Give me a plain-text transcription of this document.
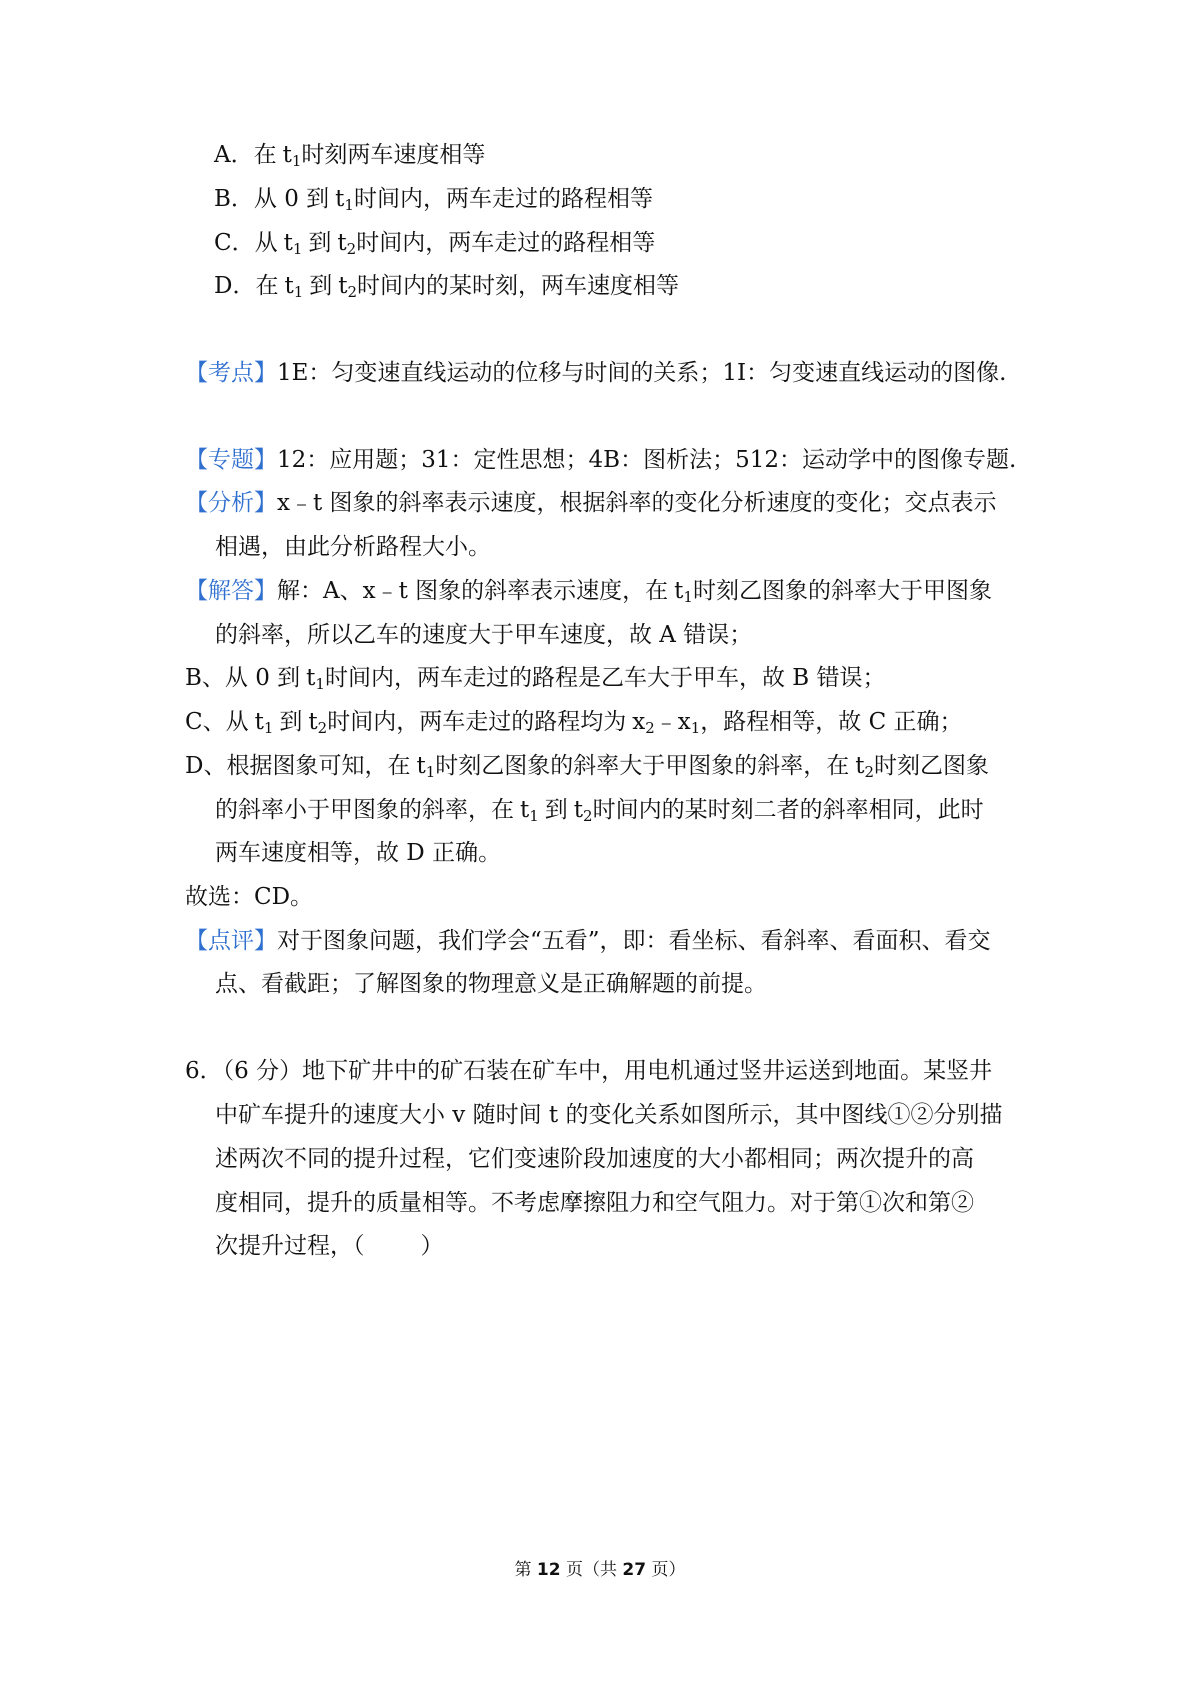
A．在 $t_1$时刻两车速度相等
B．从 0 到 $t_1$时间内，两车走过的路程相等
C．从 $t_1$ 到 $t_2$时间内，两车走过的路程相等
D．在 $t_1$ 到 $t_2$时间内的某时刻，两车速度相等
【考点】1E：匀变速直线运动的位移与时间的关系；1I：匀变速直线运动的图像.
【专题】12：应用题；31：定性思想；4B：图析法；512：运动学中的图像专题.
【分析】x﹣t 图象的斜率表示速度，根据斜率的变化分析速度的变化；交点表示
相遇，由此分析路程大小。
【解答】解：A、x﹣t 图象的斜率表示速度，在 $t_1$时刻乙图象的斜率大于甲图象
的斜率，所以乙车的速度大于甲车速度，故 A 错误；
B、从 0 到 $t_1$时间内，两车走过的路程是乙车大于甲车，故 B 错误；
C、从 $t_1$ 到 $t_2$时间内，两车走过的路程均为 $x_2﹣x_1$，路程相等，故 C 正确；
D、根据图象可知，在 $t_1$时刻乙图象的斜率大于甲图象的斜率，在 $t_2$时刻乙图象
的斜率小于甲图象的斜率，在 $t_1$ 到 $t_2$时间内的某时刻二者的斜率相同，此时
两车速度相等，故 D 正确。
故选：CD。
【点评】对于图象问题，我们学会“五看”，即：看坐标、看斜率、看面积、看交
点、看截距；了解图象的物理意义是正确解题的前提。
6．（6 分）地下矿井中的矿石装在矿车中，用电机通过竖井运送到地面。某竖井
中矿车提升的速度大小 v 随时间 t 的变化关系如图所示，其中图线①②分别描
述两次不同的提升过程，它们变速阶段加速度的大小都相同；两次提升的高
度相同，提升的质量相等。不考虑摩擦阻力和空气阻力。对于第①次和第②
次提升过程，（ ）
第 12 页（共 27 页）
